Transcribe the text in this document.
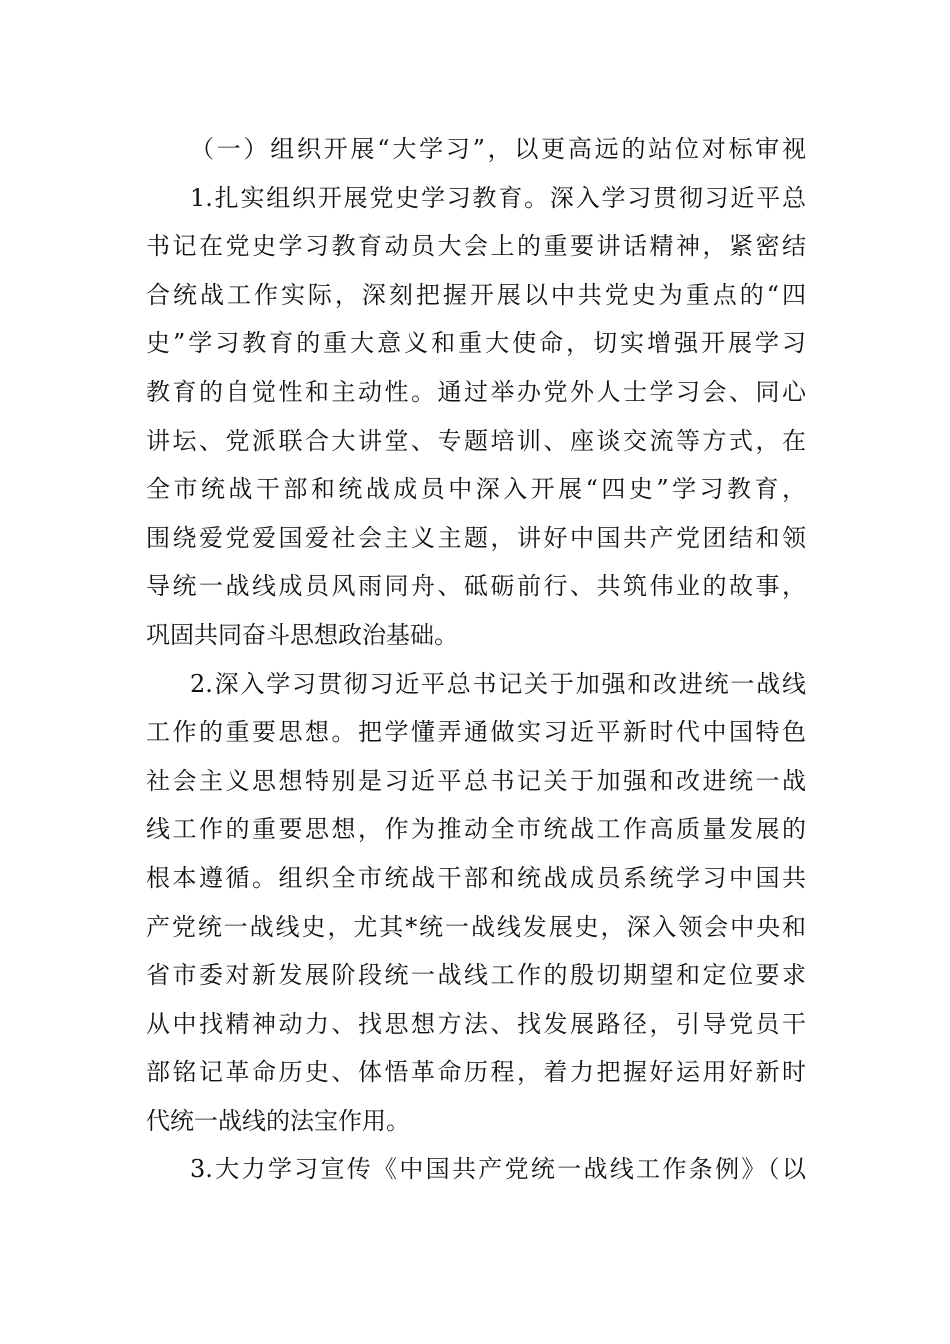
（一）组织开展“大学习”，以更高远的站位对标审视
1.扎实组织开展党史学习教育。深入学习贯彻习近平总
书记在党史学习教育动员大会上的重要讲话精神，紧密结
合统战工作实际，深刻把握开展以中共党史为重点的“四
史”学习教育的重大意义和重大使命，切实增强开展学习
教育的自觉性和主动性。通过举办党外人士学习会、同心
讲坛、党派联合大讲堂、专题培训、座谈交流等方式，在
全市统战干部和统战成员中深入开展“四史”学习教育，
围绕爱党爱国爱社会主义主题，讲好中国共产党团结和领
导统一战线成员风雨同舟、砥砺前行、共筑伟业的故事，
巩固共同奋斗思想政治基础。
2.深入学习贯彻习近平总书记关于加强和改进统一战线
工作的重要思想。把学懂弄通做实习近平新时代中国特色
社会主义思想特别是习近平总书记关于加强和改进统一战
线工作的重要思想，作为推动全市统战工作高质量发展的
根本遵循。组织全市统战干部和统战成员系统学习中国共
产党统一战线史，尤其*统一战线发展史，深入领会中央和
省市委对新发展阶段统一战线工作的殷切期望和定位要求
从中找精神动力、找思想方法、找发展路径，引导党员干
部铭记革命历史、体悟革命历程，着力把握好运用好新时
代统一战线的法宝作用。
3.大力学习宣传《中国共产党统一战线工作条例》（以
